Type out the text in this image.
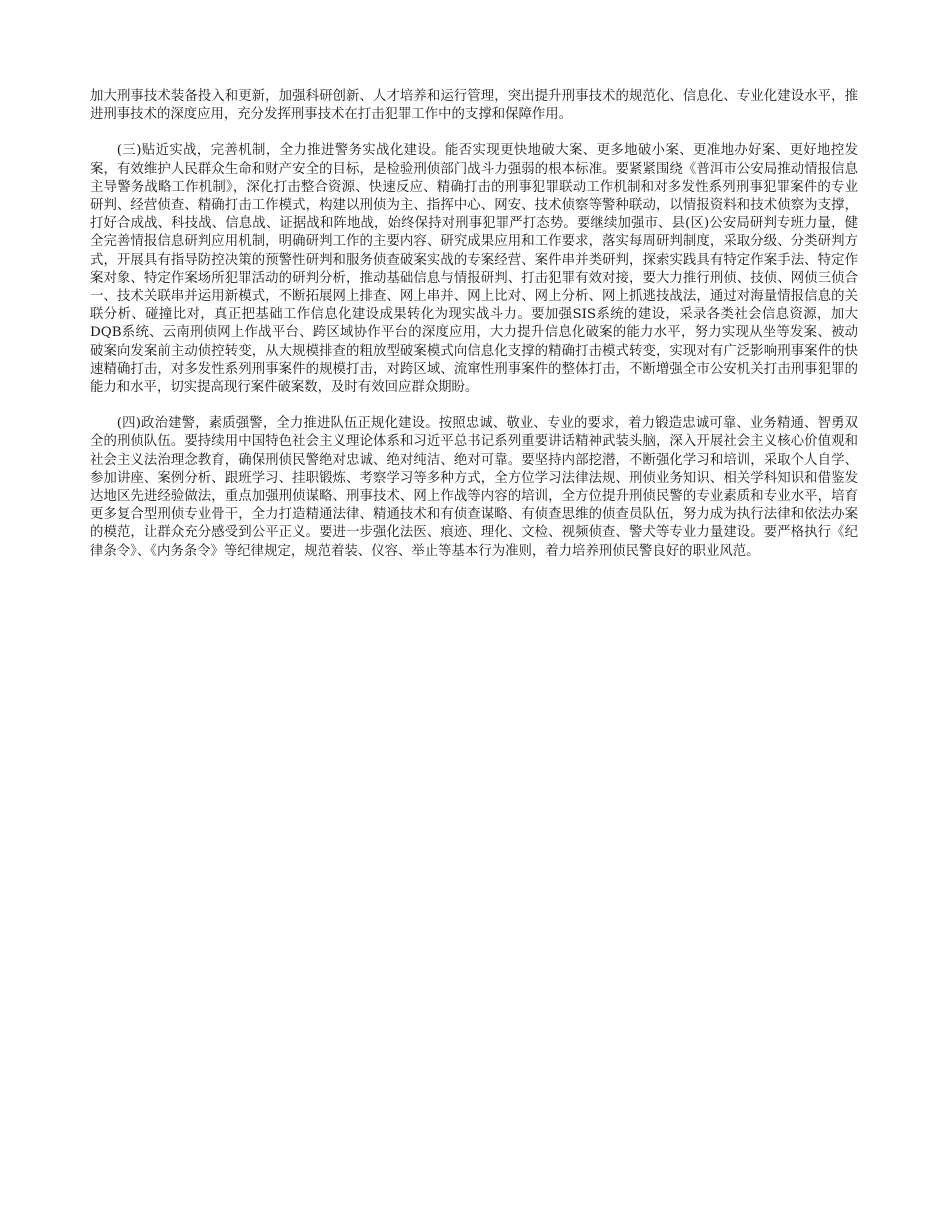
加大刑事技术装备投入和更新，加强科研创新、人才培养和运行管理，突出提升刑事技术的规范化、信息化、专业化建设水平，推进刑事技术的深度应用，充分发挥刑事技术在打击犯罪工作中的支撑和保障作用。

(三)贴近实战，完善机制，全力推进警务实战化建设。能否实现更快地破大案、更多地破小案、更准地办好案、更好地控发案，有效维护人民群众生命和财产安全的目标，是检验刑侦部门战斗力强弱的根本标准。要紧紧围绕《普洱市公安局推动情报信息主导警务战略工作机制》，深化打击整合资源、快速反应、精确打击的刑事犯罪联动工作机制和对多发性系列刑事犯罪案件的专业研判、经营侦查、精确打击工作模式，构建以刑侦为主、指挥中心、网安、技术侦察等警种联动，以情报资料和技术侦察为支撑，打好合成战、科技战、信息战、证据战和阵地战，始终保持对刑事犯罪严打态势。要继续加强市、县(区)公安局研判专班力量，健全完善情报信息研判应用机制，明确研判工作的主要内容、研究成果应用和工作要求，落实每周研判制度，采取分级、分类研判方式，开展具有指导防控决策的预警性研判和服务侦查破案实战的专案经营、案件串并类研判，探索实践具有特定作案手法、特定作案对象、特定作案场所犯罪活动的研判分析，推动基础信息与情报研判、打击犯罪有效对接，要大力推行刑侦、技侦、网侦三侦合一、技术关联串并运用新模式，不断拓展网上排查、网上串并、网上比对、网上分析、网上抓逃技战法，通过对海量情报信息的关联分析、碰撞比对，真正把基础工作信息化建设成果转化为现实战斗力。要加强SIS系统的建设，采录各类社会信息资源，加大DQB系统、云南刑侦网上作战平台、跨区域协作平台的深度应用，大力提升信息化破案的能力水平，努力实现从坐等发案、被动破案向发案前主动侦控转变，从大规模排查的粗放型破案模式向信息化支撑的精确打击模式转变，实现对有广泛影响刑事案件的快速精确打击，对多发性系列刑事案件的规模打击，对跨区域、流窜性刑事案件的整体打击，不断增强全市公安机关打击刑事犯罪的能力和水平，切实提高现行案件破案数，及时有效回应群众期盼。

(四)政治建警，素质强警，全力推进队伍正规化建设。按照忠诚、敬业、专业的要求，着力锻造忠诚可靠、业务精通、智勇双全的刑侦队伍。要持续用中国特色社会主义理论体系和习近平总书记系列重要讲话精神武装头脑，深入开展社会主义核心价值观和社会主义法治理念教育，确保刑侦民警绝对忠诚、绝对纯洁、绝对可靠。要坚持内部挖潜，不断强化学习和培训，采取个人自学、参加讲座、案例分析、跟班学习、挂职锻炼、考察学习等多种方式，全方位学习法律法规、刑侦业务知识、相关学科知识和借鉴发达地区先进经验做法，重点加强刑侦谋略、刑事技术、网上作战等内容的培训，全方位提升刑侦民警的专业素质和专业水平，培育更多复合型刑侦专业骨干，全力打造精通法律、精通技术和有侦查谋略、有侦查思维的侦查员队伍，努力成为执行法律和依法办案的模范，让群众充分感受到公平正义。要进一步强化法医、痕迹、理化、文检、视频侦查、警犬等专业力量建设。要严格执行《纪律条令》、《内务条令》等纪律规定，规范着装、仪容、举止等基本行为准则，着力培养刑侦民警良好的职业风范。
